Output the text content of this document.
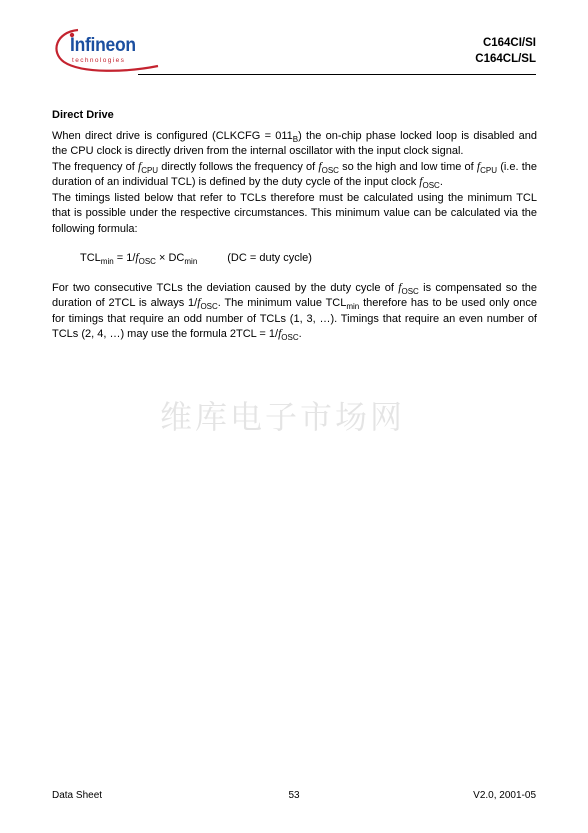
Infineon
technologies
C164CI/SI
C164CL/SL
Direct Drive

When direct drive is configured (CLKCFG = $011_B$) the on-chip phase locked loop is disabled and the CPU clock is directly driven from the internal oscillator with the input clock signal.

The frequency of $f_{CPU}$ directly follows the frequency of $f_{OSC}$ so the high and low time of $f_{CPU}$ (i.e. the duration of an individual TCL) is defined by the duty cycle of the input clock $f_{OSC}$.

The timings listed below that refer to TCLs therefore must be calculated using the minimum TCL that is possible under the respective circumstances. This minimum value can be calculated via the following formula:

$TCL_{min} = 1/f_{OSC} \times DC_{min}$	(DC = duty cycle)

For two consecutive TCLs the deviation caused by the duty cycle of $f_{OSC}$ is compensated so the duration of 2TCL is always $1/f_{OSC}$. The minimum value $TCL_{min}$ therefore has to be used only once for timings that require an odd number of TCLs (1, 3, …). Timings that require an even number of TCLs (2, 4, …) may use the formula $2TCL = 1/f_{OSC}$.

维库电子市场网
Data Sheet	53	V2.0, 2001-05
